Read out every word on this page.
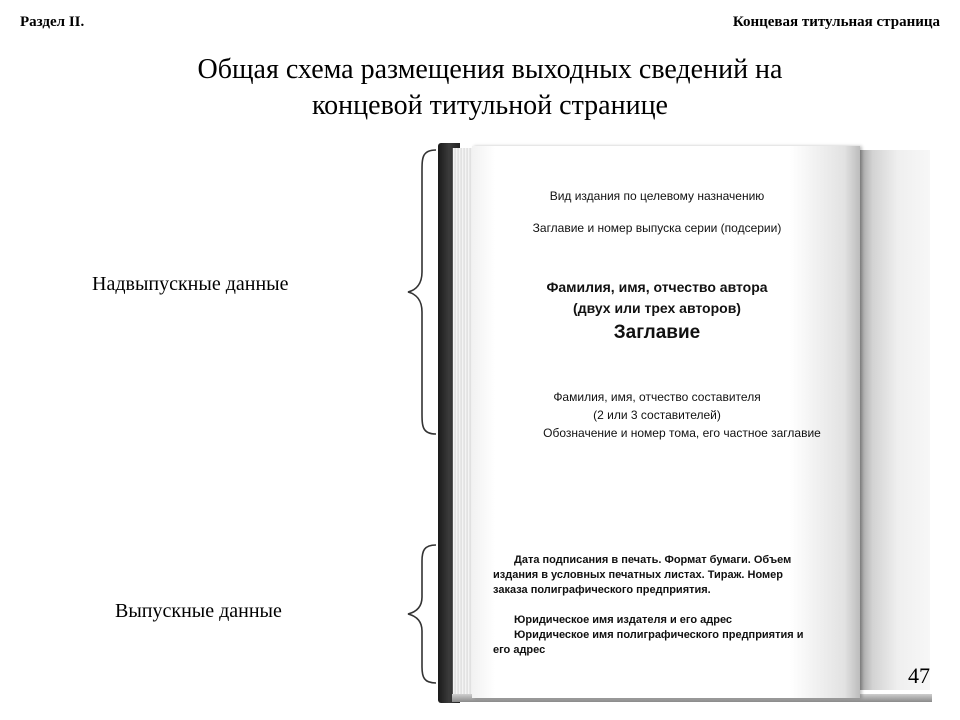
Раздел II.	Концевая титульная страница
Общая схема размещения выходных сведений на
концевой титульной странице
Надвыпускные данные
Выпускные данные
Вид издания по целевому назначению
Заглавие и номер выпуска серии (подсерии)
Фамилия, имя, отчество автора
(двух или трех авторов)
Заглавие
Фамилия, имя, отчество составителя
(2 или 3 составителей)
Обозначение и номер тома, его частное заглавие
Дата подписания в печать. Формат бумаги. Объем
издания в условных печатных листах. Тираж. Номер
заказа полиграфического предприятия.
Юридическое имя издателя и его адрес
Юридическое имя полиграфического предприятия и
его адрес
47
